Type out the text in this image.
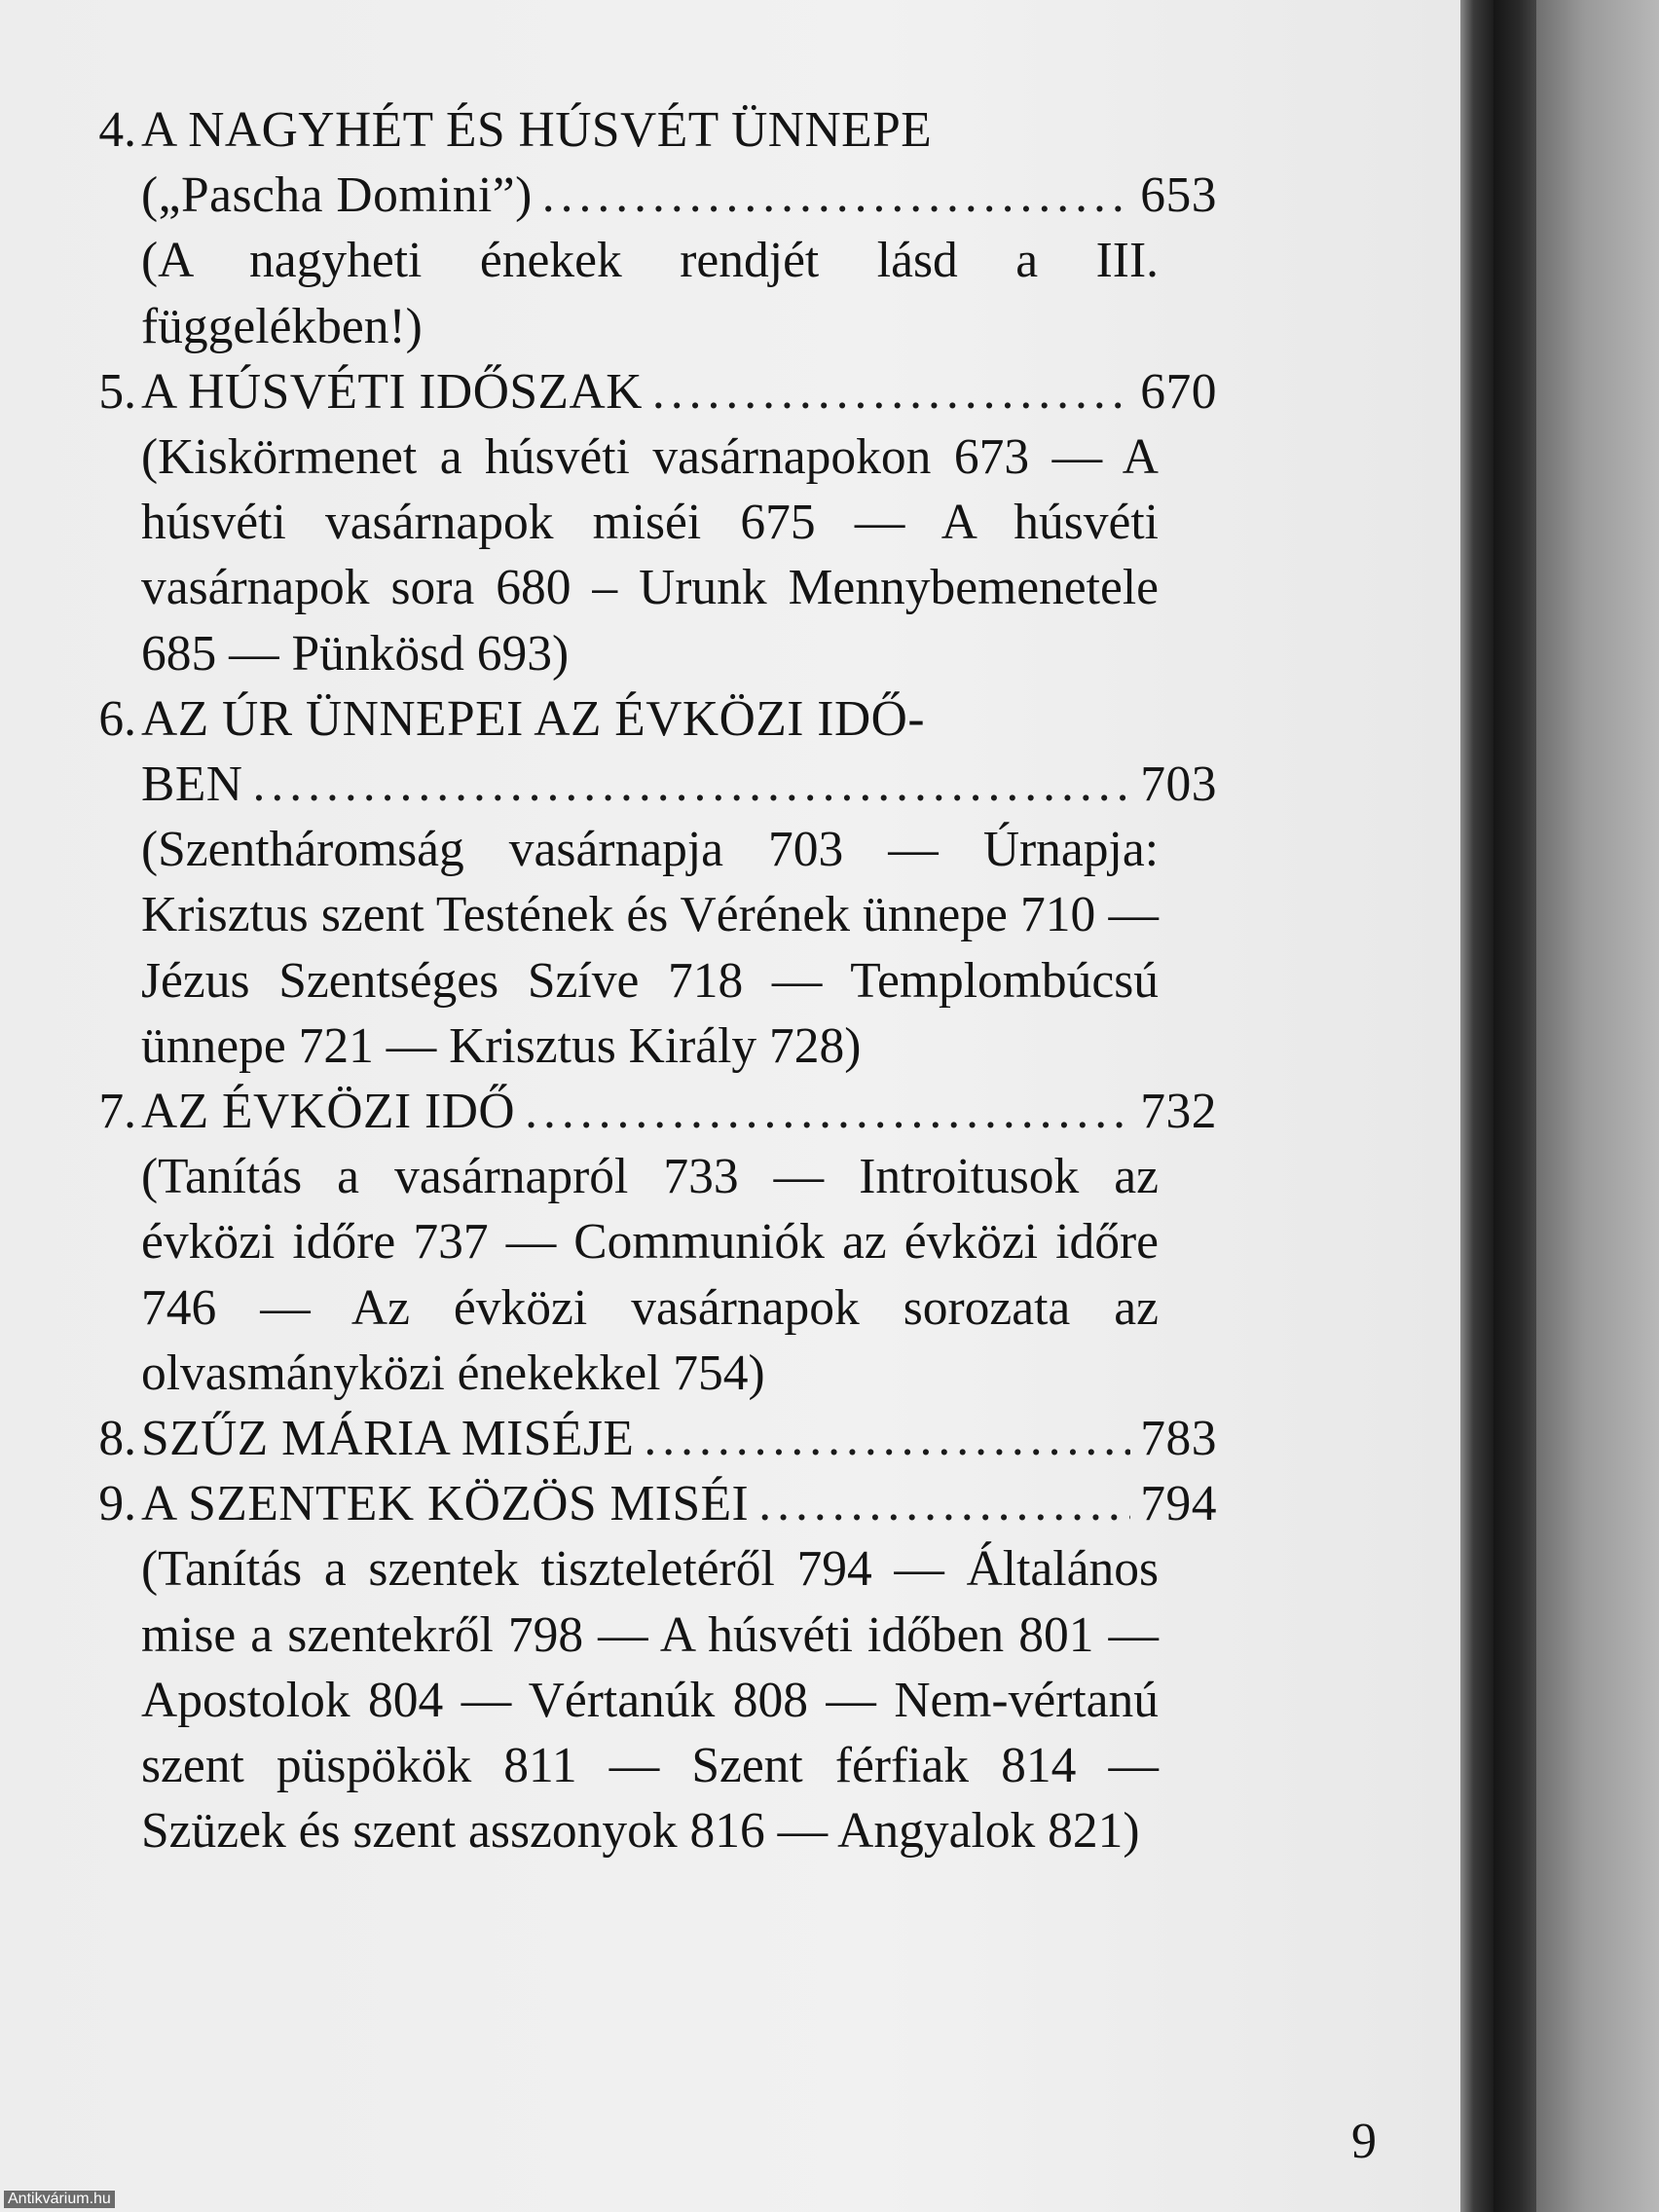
4. A NAGYHÉT ÉS HÚSVÉT ÜNNEPE
(„Pascha Domini”) .....	653
(A nagyheti énekek rendjét lásd a III. függelékben!)
5. A HÚSVÉTI IDŐSZAK .....	670
(Kiskörmenet a húsvéti vasárnapokon 673 — A húsvéti vasárnapok miséi 675 — A húsvéti vasárnapok sora 680 – Urunk Mennybemenetele 685 — Pünkösd 693)
6. AZ ÚR ÜNNEPEI AZ ÉVKÖZI IDŐ-
BEN .....	703
(Szentháromság vasárnapja 703 — Úrnapja: Krisztus szent Testének és Vérének ünnepe 710 — Jézus Szentséges Szíve 718 — Templombúcsú ünnepe 721 — Krisztus Király 728)
7. AZ ÉVKÖZI IDŐ .....	732
(Tanítás a vasárnapról 733 — Introitusok az évközi időre 737 — Communiók az évközi időre 746 — Az évközi vasárnapok sorozata az olvasmányközi énekekkel 754)
8. SZŰZ MÁRIA MISÉJE .....	783
9. A SZENTEK KÖZÖS MISÉI .....	794
(Tanítás a szentek tiszteletéről 794 — Általános mise a szentekről 798 — A húsvéti időben 801 — Apostolok 804 — Vértanúk 808 — Nem-vértanú szent püspökök 811 — Szent férfiak 814 — Szüzek és szent asszonyok 816 — Angyalok 821)
9
Antikvárium.hu
